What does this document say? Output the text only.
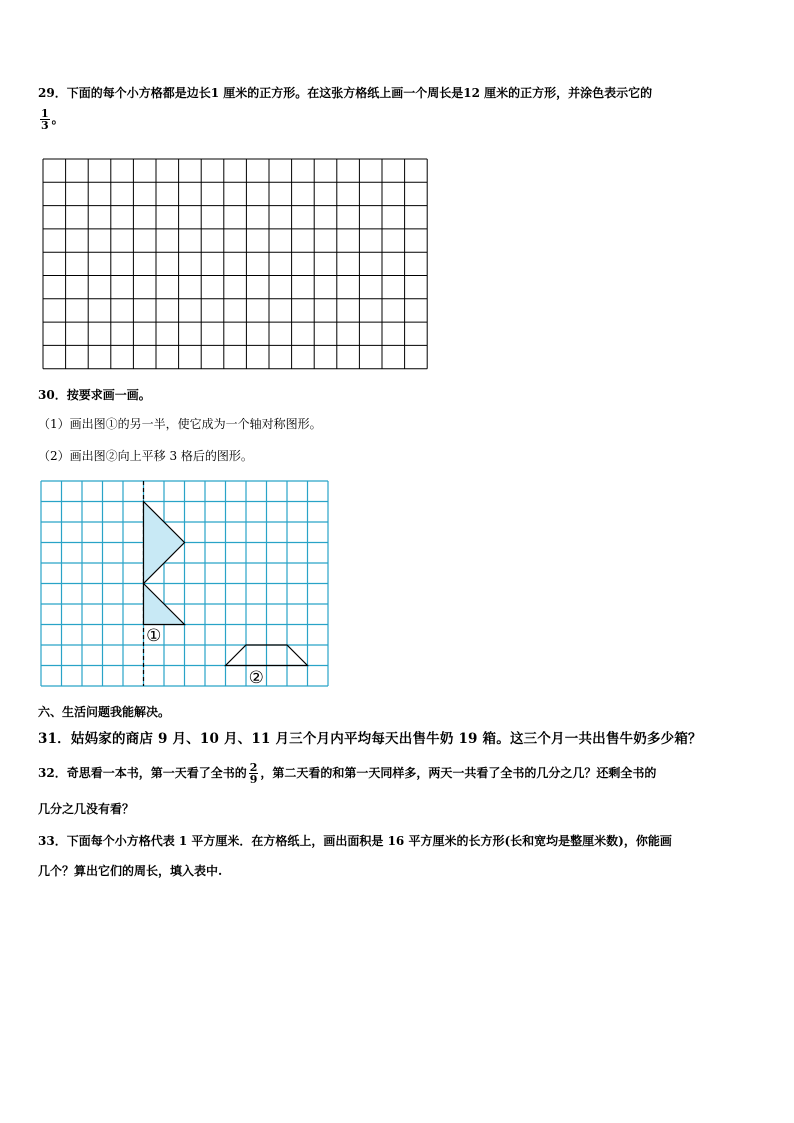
29．下面的每个小方格都是边长1 厘米的正方形。在这张方格纸上画一个周长是12 厘米的正方形，并涂色表示它的
$\frac{1}{3}$ 。
30．按要求画一画。
（1）画出图①的另一半，使它成为一个轴对称图形。
（2）画出图②向上平移 3 格后的图形。
①
②
六、生活问题我能解决。
31．姑妈家的商店 9 月、10 月、11 月三个月内平均每天出售牛奶 19 箱。这三个月一共出售牛奶多少箱？
32．奇思看一本书，第一天看了全书的 $\frac{2}{9}$ ，第二天看的和第一天同样多，两天一共看了全书的几分之几？还剩全书的
几分之几没有看？
33．下面每个小方格代表 1 平方厘米．在方格纸上，画出面积是 16 平方厘米的长方形(长和宽均是整厘米数)，你能画
几个？算出它们的周长，填入表中.
